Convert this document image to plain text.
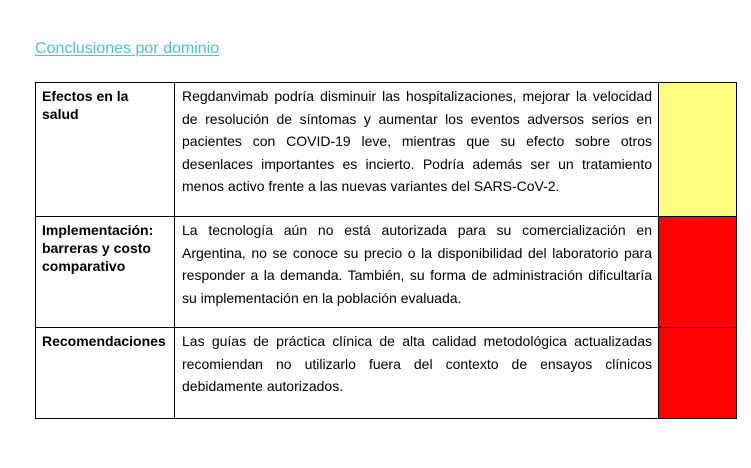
Conclusiones por dominio
Efectos en la salud	Regdanvimab podría disminuir las hospitalizaciones, mejorar la velocidad de resolución de síntomas y aumentar los eventos adversos serios en pacientes con COVID-19 leve, mientras que su efecto sobre otros desenlaces importantes es incierto. Podría además ser un tratamiento menos activo frente a las nuevas variantes del SARS-CoV-2.	
Implementación: barreras y costo comparativo	La tecnología aún no está autorizada para su comercialización en Argentina, no se conoce su precio o la disponibilidad del laboratorio para responder a la demanda. También, su forma de administración dificultaría su implementación en la población evaluada.	
Recomendaciones	Las guías de práctica clínica de alta calidad metodológica actualizadas recomiendan no utilizarlo fuera del contexto de ensayos clínicos debidamente autorizados.	
